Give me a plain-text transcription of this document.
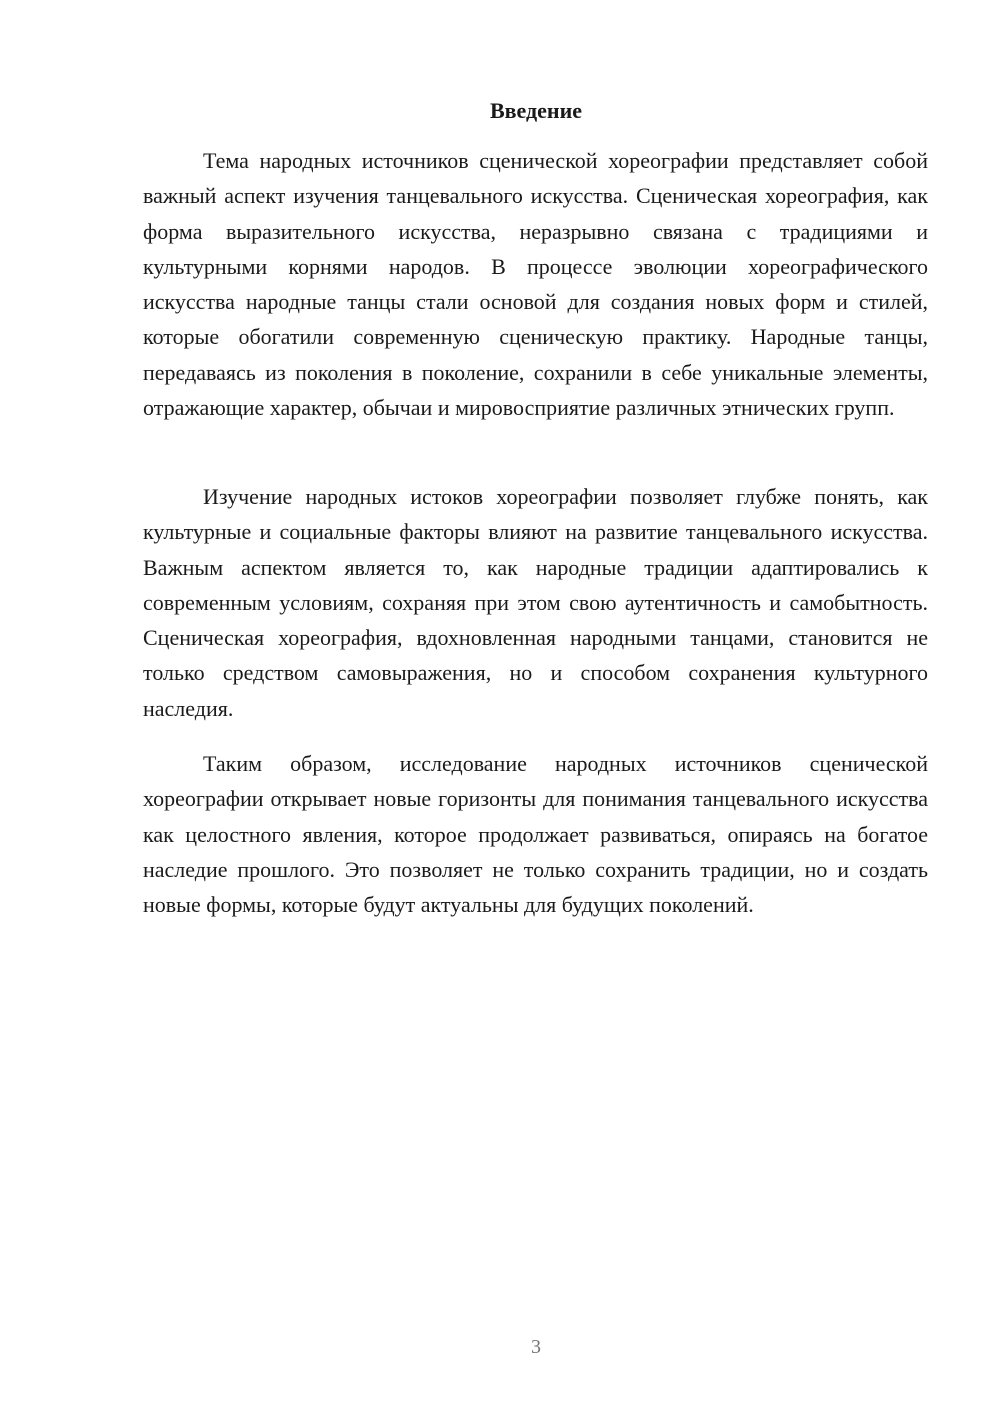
Введение

Тема народных источников сценической хореографии представляет собой важный аспект изучения танцевального искусства. Сценическая хореография, как форма выразительного искусства, неразрывно связана с традициями и культурными корнями народов. В процессе эволюции хореографического искусства народные танцы стали основой для создания новых форм и стилей, которые обогатили современную сценическую практику. Народные танцы, передаваясь из поколения в поколение, сохранили в себе уникальные элементы, отражающие характер, обычаи и мировосприятие различных этнических групп.

Изучение народных истоков хореографии позволяет глубже понять, как культурные и социальные факторы влияют на развитие танцевального искусства. Важным аспектом является то, как народные традиции адаптировались к современным условиям, сохраняя при этом свою аутентичность и самобытность. Сценическая хореография, вдохновленная народными танцами, становится не только средством самовыражения, но и способом сохранения культурного наследия.

Таким образом, исследование народных источников сценической хореографии открывает новые горизонты для понимания танцевального искусства как целостного явления, которое продолжает развиваться, опираясь на богатое наследие прошлого. Это позволяет не только сохранить традиции, но и создать новые формы, которые будут актуальны для будущих поколений.

3
